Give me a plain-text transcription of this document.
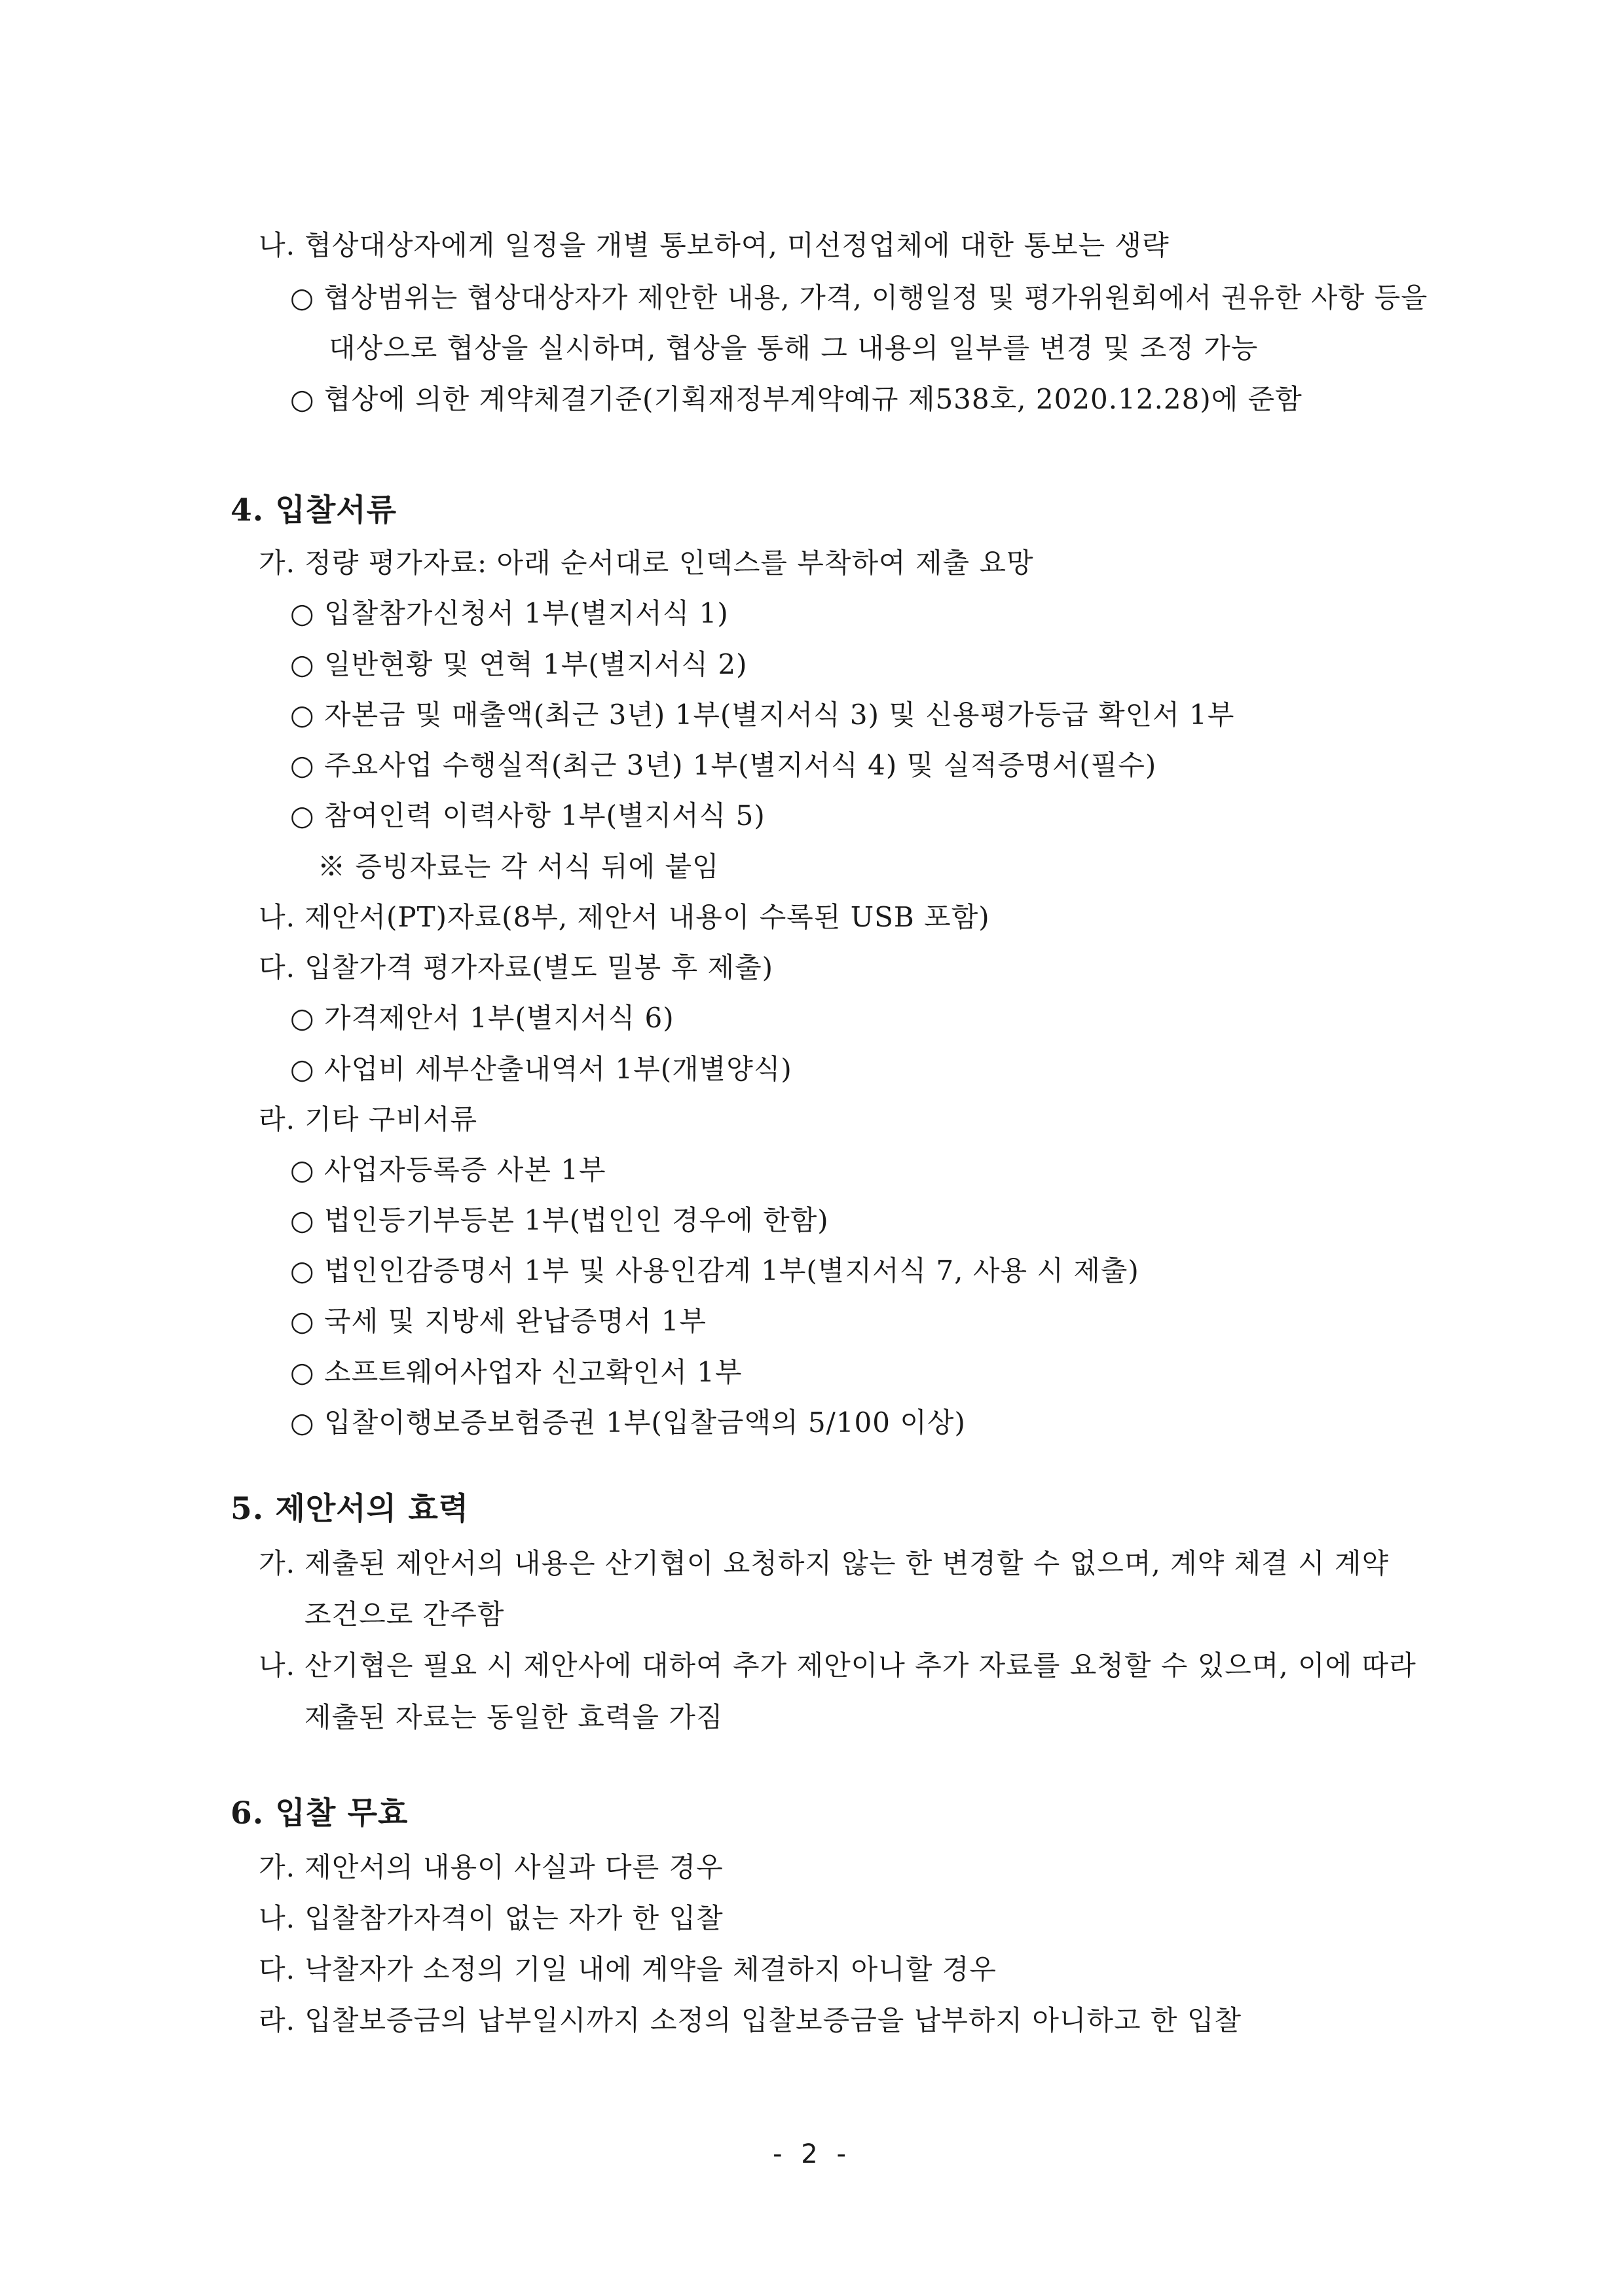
나. 협상대상자에게 일정을 개별 통보하여, 미선정업체에 대한 통보는 생략
○ 협상범위는 협상대상자가 제안한 내용, 가격, 이행일정 및 평가위원회에서 권유한 사항 등을
대상으로 협상을 실시하며, 협상을 통해 그 내용의 일부를 변경 및 조정 가능
○ 협상에 의한 계약체결기준(기획재정부계약예규 제538호, 2020.12.28)에 준함
4. 입찰서류
가. 정량 평가자료: 아래 순서대로 인덱스를 부착하여 제출 요망
○ 입찰참가신청서 1부(별지서식 1)
○ 일반현황 및 연혁 1부(별지서식 2)
○ 자본금 및 매출액(최근 3년) 1부(별지서식 3) 및 신용평가등급 확인서 1부
○ 주요사업 수행실적(최근 3년) 1부(별지서식 4) 및 실적증명서(필수)
○ 참여인력 이력사항 1부(별지서식 5)
※ 증빙자료는 각 서식 뒤에 붙임
나. 제안서(PT)자료(8부, 제안서 내용이 수록된 USB 포함)
다. 입찰가격 평가자료(별도 밀봉 후 제출)
○ 가격제안서 1부(별지서식 6)
○ 사업비 세부산출내역서 1부(개별양식)
라. 기타 구비서류
○ 사업자등록증 사본 1부
○ 법인등기부등본 1부(법인인 경우에 한함)
○ 법인인감증명서 1부 및 사용인감계 1부(별지서식 7, 사용 시 제출)
○ 국세 및 지방세 완납증명서 1부
○ 소프트웨어사업자 신고확인서 1부
○ 입찰이행보증보험증권 1부(입찰금액의 5/100 이상)
5. 제안서의 효력
가. 제출된 제안서의 내용은 산기협이 요청하지 않는 한 변경할 수 없으며, 계약 체결 시 계약
조건으로 간주함
나. 산기협은 필요 시 제안사에 대하여 추가 제안이나 추가 자료를 요청할 수 있으며, 이에 따라
제출된 자료는 동일한 효력을 가짐
6. 입찰 무효
가. 제안서의 내용이 사실과 다른 경우
나. 입찰참가자격이 없는 자가 한 입찰
다. 낙찰자가 소정의 기일 내에 계약을 체결하지 아니할 경우
라. 입찰보증금의 납부일시까지 소정의 입찰보증금을 납부하지 아니하고 한 입찰
- 2 -
